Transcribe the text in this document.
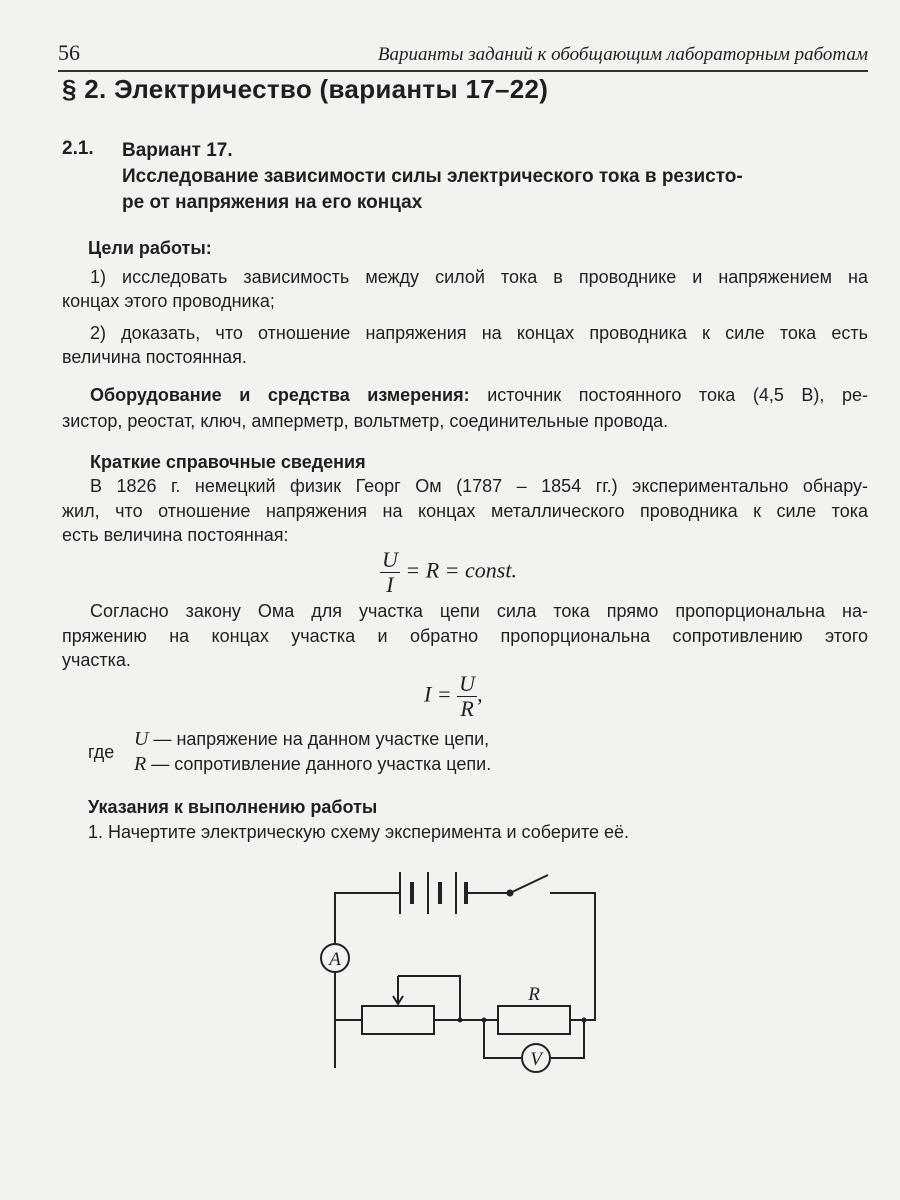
56	Варианты заданий к обобщающим лабораторным работам
§ 2. Электричество (варианты 17–22)
2.1. Вариант 17.
Исследование зависимости силы электрического тока в резисто-
ре от напряжения на его концах
Цели работы:
1) исследовать зависимость между силой тока в проводнике и напряжением на
концах этого проводника;
2) доказать, что отношение напряжения на концах проводника к силе тока есть
величина постоянная.
Оборудование и средства измерения: источник постоянного тока (4,5 В), ре-
зистор, реостат, ключ, амперметр, вольтметр, соединительные провода.
Краткие справочные сведения
В 1826 г. немецкий физик Георг Ом (1787 – 1854 гг.) экспериментально обнару-
жил, что отношение напряжения на концах металлического проводника к силе тока
есть величина постоянная:
$\frac{U}{I} = R$ = const.
Согласно закону Ома для участка цепи сила тока прямо пропорциональна на-
пряжению на концах участка и обратно пропорциональна сопротивлению этого
участка.
$I = \frac{U}{R}$ ,
где
U — напряжение на данном участке цепи,
R — сопротивление данного участка цепи.
Указания к выполнению работы
1. Начертите электрическую схему эксперимента и соберите её.
A
V
R
